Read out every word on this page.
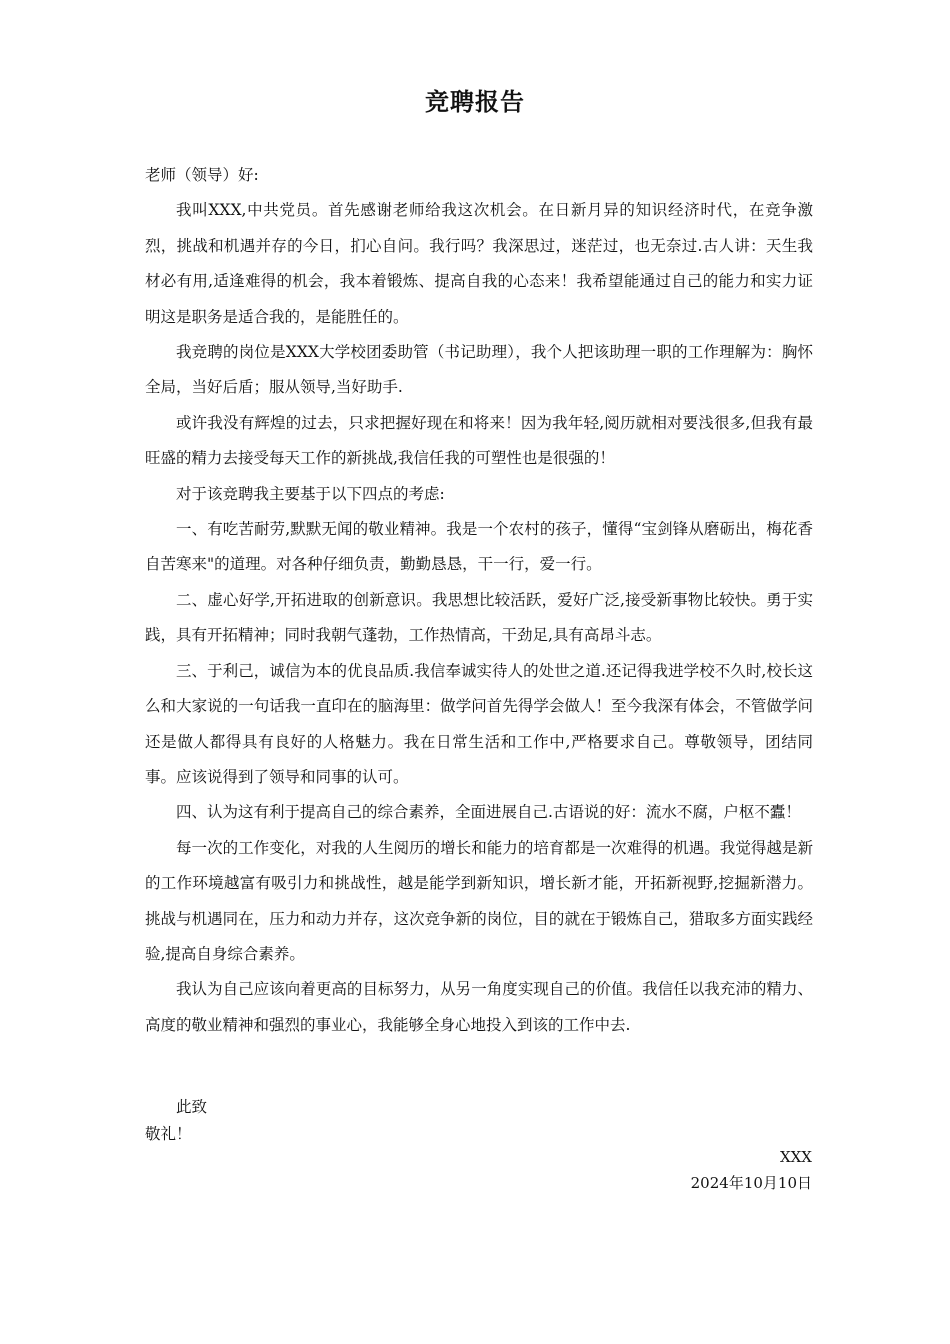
竞聘报告

老师（领导）好:

我叫XXX,中共党员。首先感谢老师给我这次机会。在日新月异的知识经济时代，在竞争激烈，挑战和机遇并存的今日，扪心自问。我行吗？我深思过，迷茫过，也无奈过.古人讲：天生我材必有用,适逢难得的机会，我本着锻炼、提高自我的心态来！我希望能通过自己的能力和实力证明这是职务是适合我的，是能胜任的。

我竞聘的岗位是XXX大学校团委助管（书记助理），我个人把该助理一职的工作理解为：胸怀全局，当好后盾；服从领导,当好助手.

或许我没有辉煌的过去，只求把握好现在和将来！因为我年轻,阅历就相对要浅很多,但我有最旺盛的精力去接受每天工作的新挑战,我信任我的可塑性也是很强的！

对于该竞聘我主要基于以下四点的考虑:

一、有吃苦耐劳,默默无闻的敬业精神。我是一个农村的孩子，懂得“宝剑锋从磨砺出，梅花香自苦寒来"的道理。对各种仔细负责，勤勤恳恳，干一行，爱一行。

二、虚心好学,开拓进取的创新意识。我思想比较活跃，爱好广泛,接受新事物比较快。勇于实践，具有开拓精神；同时我朝气蓬勃，工作热情高，干劲足,具有高昂斗志。

三、于利己，诚信为本的优良品质.我信奉诚实待人的处世之道.还记得我进学校不久时,校长这么和大家说的一句话我一直印在的脑海里：做学问首先得学会做人！至今我深有体会，不管做学问还是做人都得具有良好的人格魅力。我在日常生活和工作中,严格要求自己。尊敬领导，团结同事。应该说得到了领导和同事的认可。

四、认为这有利于提高自己的综合素养，全面进展自己.古语说的好：流水不腐，户枢不蠹！

每一次的工作变化，对我的人生阅历的增长和能力的培育都是一次难得的机遇。我觉得越是新的工作环境越富有吸引力和挑战性，越是能学到新知识，增长新才能，开拓新视野,挖掘新潜力。挑战与机遇同在，压力和动力并存，这次竞争新的岗位，目的就在于锻炼自己，猎取多方面实践经验,提高自身综合素养。

我认为自己应该向着更高的目标努力，从另一角度实现自己的价值。我信任以我充沛的精力、高度的敬业精神和强烈的事业心，我能够全身心地投入到该的工作中去.

此致
敬礼！
XXX
2024年10月10日
